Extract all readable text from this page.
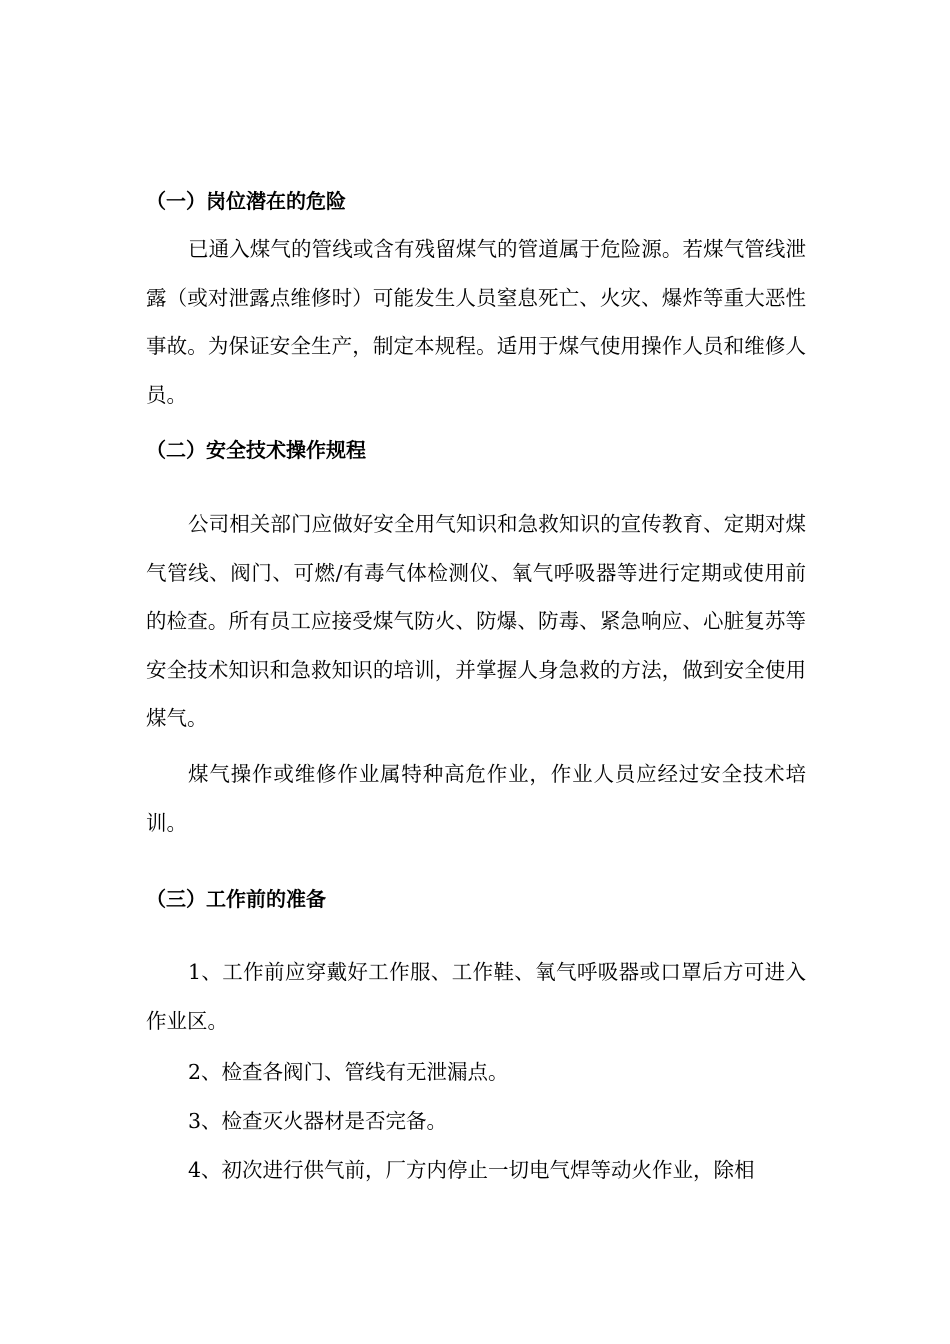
（一）岗位潜在的危险

已通入煤气的管线或含有残留煤气的管道属于危险源。若煤气管线泄露（或对泄露点维修时）可能发生人员窒息死亡、火灾、爆炸等重大恶性事故。为保证安全生产，制定本规程。适用于煤气使用操作人员和维修人员。

（二）安全技术操作规程

公司相关部门应做好安全用气知识和急救知识的宣传教育、定期对煤气管线、阀门、可燃/有毒气体检测仪、氧气呼吸器等进行定期或使用前的检查。所有员工应接受煤气防火、防爆、防毒、紧急响应、心脏复苏等安全技术知识和急救知识的培训，并掌握人身急救的方法，做到安全使用煤气。

煤气操作或维修作业属特种高危作业，作业人员应经过安全技术培训。

（三）工作前的准备

1、工作前应穿戴好工作服、工作鞋、氧气呼吸器或口罩后方可进入作业区。

2、检查各阀门、管线有无泄漏点。

3、检查灭火器材是否完备。

4、初次进行供气前，厂方内停止一切电气焊等动火作业，除相
